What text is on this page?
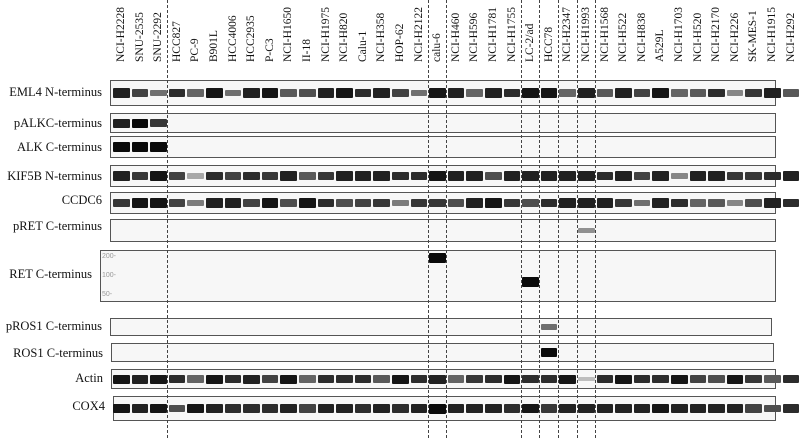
NCI-H2228 SNU-2535 SNU-2292 HCC827 PC-9 B901L HCC4006 HCC2935 P-C3 NCI-H1650 II-18 NCI-H1975 NCI-H820 Calu-1 NCI-H358 HOP-62 NCI-H2122 calu-6 NCI-H460 NCI-H596 NCI-H1781 NCI-H1755 LC-2/ad HCC78 NCI-H2347 NCI-H1993 NCI-H1568 NCI-H522 NCI-H838 A529L NCI-H1703 NCI-H520 NCI-H2170 NCI-H226 SK-MES-1 NCI-H1915 NCI-H292
EML4 N-terminus
pALKC-terminus
ALK C-terminus
KIF5B N-terminus
CCDC6
pRET C-terminus
RET C-terminus
200-
100-
50-
pROS1 C-terminus
ROS1 C-terminus
Actin
COX4
